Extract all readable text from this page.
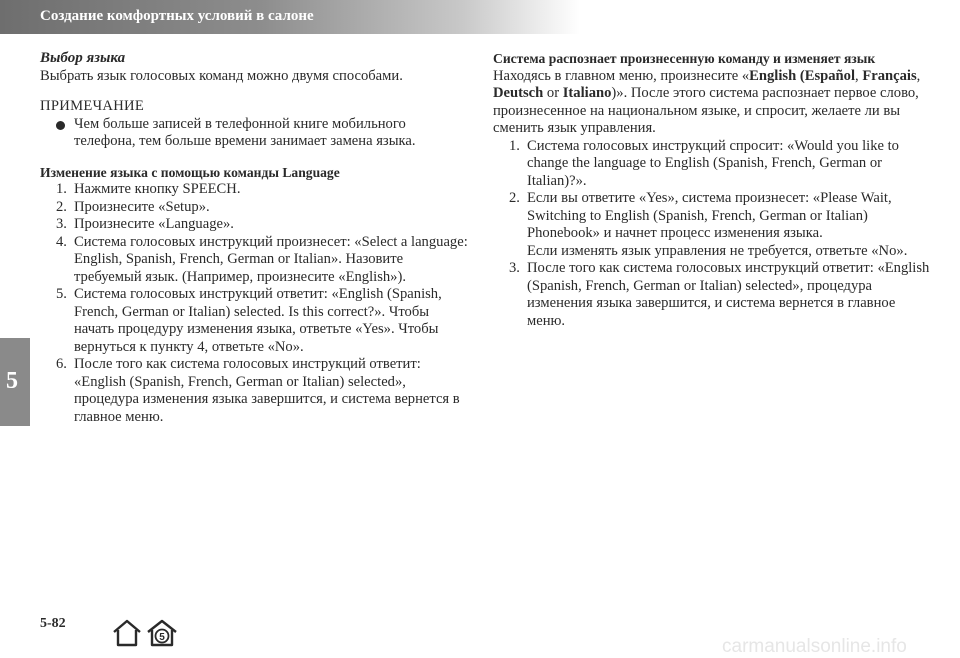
Создание комфортных условий в салоне
Выбор языка

Выбрать язык голосовых команд можно двумя способами.

ПРИМЕЧАНИЕ
Чем больше записей в телефонной книге мобильного телефона, тем больше времени занимает замена языка.
Изменение языка с помощью команды Language
1. Нажмите кнопку SPEECH.
2. Произнесите «Setup».
3. Произнесите «Language».
4. Система голосовых инструкций произнесет: «Select a language: English, Spanish, French, German or Italian». Назовите требуемый язык. (Например, произнесите «English»).
5. Система голосовых инструкций ответит: «English (Spanish, French, German or Italian) selected. Is this correct?». Чтобы начать процедуру изменения языка, ответьте «Yes». Чтобы вернуться к пункту 4, ответьте «No».
6. После того как система голосовых инструкций ответит: «English (Spanish, French, German or Italian) selected», процедура изменения языка завершится, и система вернется в главное меню.
Система распознает произнесенную команду и изменяет язык

Находясь в главном меню, произнесите «English (Español, Français, Deutsch or Italiano)». После этого система распознает первое слово, произнесенное на национальном языке, и спросит, желаете ли вы сменить язык управления.

1. Система голосовых инструкций спросит: «Would you like to change the language to English (Spanish, French, German or Italian)?».
2. Если вы ответите «Yes», система произнесет: «Please Wait, Switching to English (Spanish, French, German or Italian) Phonebook» и начнет процесс изменения языка.
Если изменять язык управления не требуется, ответьте «No».
3. После того как система голосовых инструкций ответит: «English (Spanish, French, German or Italian) selected», процедура изменения языка завершится, и система вернется в главное меню.
5
5-82
5	carmanualsonline.info
